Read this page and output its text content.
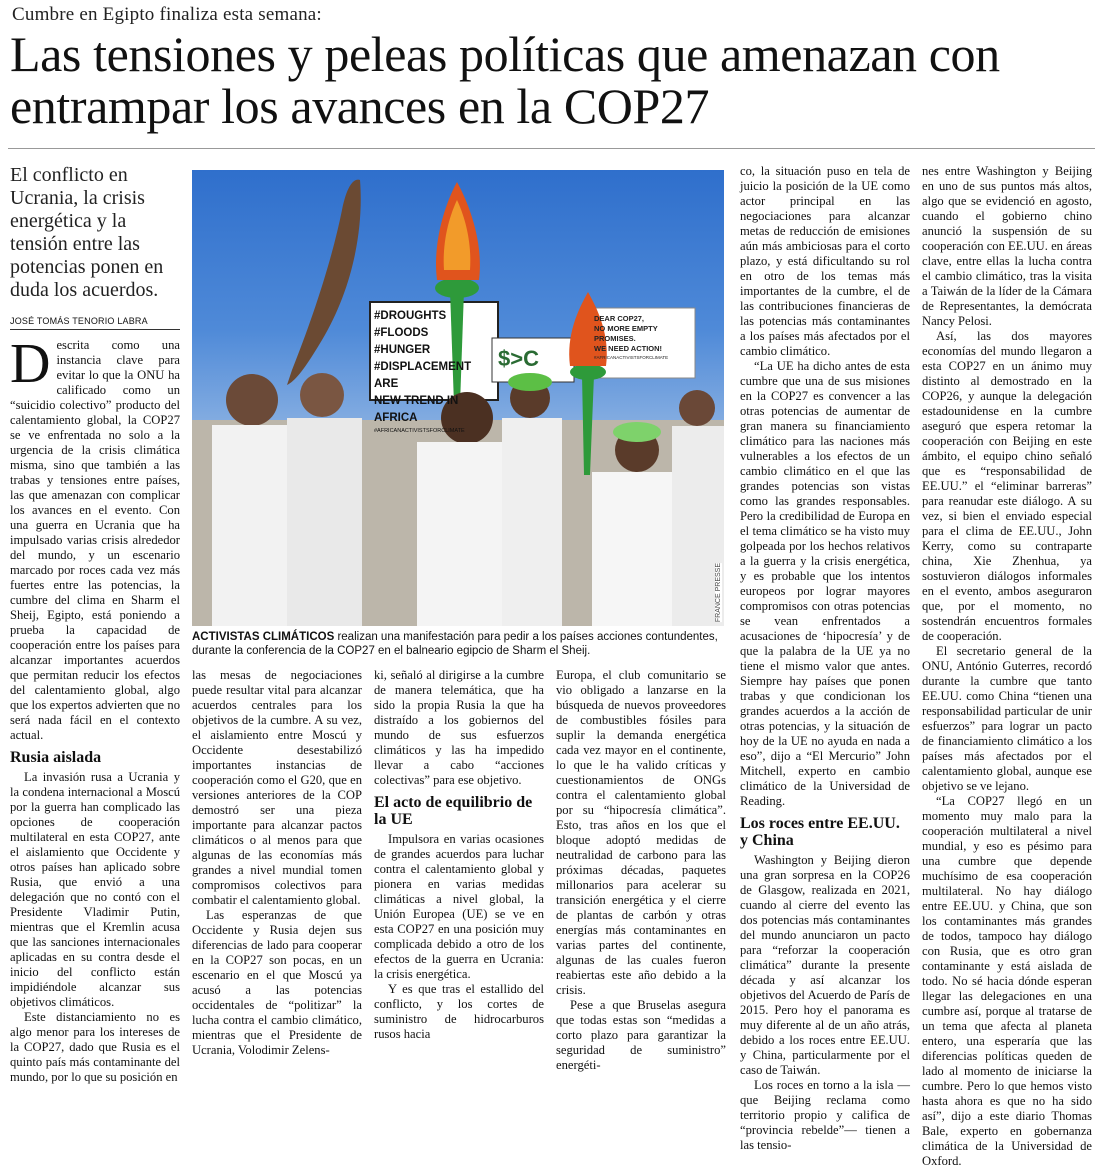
Cumbre en Egipto finaliza esta semana:
Las tensiones y peleas políticas que amenazan con entrampar los avances en la COP27
El conflicto en Ucrania, la crisis energética y la tensión entre las potencias ponen en duda los acuerdos.
JOSÉ TOMÁS TENORIO LABRA

Descrita como una instancia clave para evitar lo que la ONU ha calificado como un “suicidio colectivo” producto del calentamiento global, la COP27 se ve enfrentada no solo a la urgencia de la crisis climática misma, sino que también a las trabas y tensiones entre países, las que amenazan con complicar los avances en el evento. Con una guerra en Ucrania que ha impulsado varias crisis alrededor del mundo, y un escenario marcado por roces cada vez más fuertes entre las potencias, la cumbre del clima en Sharm el Sheij, Egipto, está poniendo a prueba la capacidad de cooperación entre los países para alcanzar importantes acuerdos que permitan reducir los efectos del calentamiento global, algo que los expertos advierten que no será nada fácil en el contexto actual.

Rusia aislada

La invasión rusa a Ucrania y la condena internacional a Moscú por la guerra han complicado las opciones de cooperación multilateral en esta COP27, ante el aislamiento que Occidente y otros países han aplicado sobre Rusia, que envió a una delegación que no contó con el Presidente Vladimir Putin, mientras que el Kremlin acusa que las sanciones internacionales aplicadas en su contra desde el inicio del conflicto están impidiéndole alcanzar sus objetivos climáticos.

Este distanciamiento no es algo menor para los intereses de la COP27, dado que Rusia es el quinto país más contaminante del mundo, por lo que su posición en

#DROUGHTS #FLOODS
#HUNGER
#DISPLACEMENT ARE
NEW TREND IN AFRICA
#AFRICANACTIVISTSFORCLIMATE
$>C
DEAR COP27,
NO MORE EMPTY
PROMISES.
WE NEED ACTION!
#AFRICANACTIVISTSFORCLIMATE
FRANCE PRESSE
ACTIVISTAS CLIMÁTICOS realizan una manifestación para pedir a los países acciones contundentes, durante la conferencia de la COP27 en el balneario egipcio de Sharm el Sheij.

las mesas de negociaciones puede resultar vital para alcanzar acuerdos centrales para los objetivos de la cumbre. A su vez, el aislamiento entre Moscú y Occidente desestabilizó importantes instancias de cooperación como el G20, que en versiones anteriores de la COP demostró ser una pieza importante para alcanzar pactos climáticos o al menos para que algunas de las economías más grandes a nivel mundial tomen compromisos colectivos para combatir el calentamiento global.

Las esperanzas de que Occidente y Rusia dejen sus diferencias de lado para cooperar en la COP27 son pocas, en un escenario en el que Moscú ya acusó a las potencias occidentales de “politizar” la lucha contra el cambio climático, mientras que el Presidente de Ucrania, Volodimir Zelens-

ki, señaló al dirigirse a la cumbre de manera telemática, que ha sido la propia Rusia la que ha distraído a los gobiernos del mundo de sus esfuerzos climáticos y las ha impedido llevar a cabo “acciones colectivas” para ese objetivo.

El acto de equilibrio de la UE

Impulsora en varias ocasiones de grandes acuerdos para luchar contra el calentamiento global y pionera en varias medidas climáticas a nivel global, la Unión Europea (UE) se ve en esta COP27 en una posición muy complicada debido a otro de los efectos de la guerra en Ucrania: la crisis energética.

Y es que tras el estallido del conflicto, y los cortes de suministro de hidrocarburos rusos hacia

Europa, el club comunitario se vio obligado a lanzarse en la búsqueda de nuevos proveedores de combustibles fósiles para suplir la demanda energética cada vez mayor en el continente, lo que le ha valido críticas y cuestionamientos de ONGs contra el calentamiento global por su “hipocresía climática”. Esto, tras años en los que el bloque adoptó medidas de neutralidad de carbono para las próximas décadas, paquetes millonarios para acelerar su transición energética y el cierre de plantas de carbón y otras energías más contaminantes en varias partes del continente, algunas de las cuales fueron reabiertas este año debido a la crisis.

Pese a que Bruselas asegura que todas estas son “medidas a corto plazo para garantizar la seguridad de suministro” energéti-

co, la situación puso en tela de juicio la posición de la UE como actor principal en las negociaciones para alcanzar metas de reducción de emisiones aún más ambiciosas para el corto plazo, y está dificultando su rol en otro de los temas más importantes de la cumbre, el de las contribuciones financieras de las potencias más contaminantes a los países más afectados por el cambio climático.

“La UE ha dicho antes de esta cumbre que una de sus misiones en la COP27 es convencer a las otras potencias de aumentar de gran manera su financiamiento climático para las naciones más vulnerables a los efectos de un cambio climático en el que las grandes potencias son vistas como las grandes responsables. Pero la credibilidad de Europa en el tema climático se ha visto muy golpeada por los hechos relativos a la guerra y la crisis energética, y es probable que los intentos europeos por lograr mayores compromisos con otras potencias se vean enfrentados a acusaciones de ‘hipocresía’ y de que la palabra de la UE ya no tiene el mismo valor que antes. Siempre hay países que ponen trabas y que condicionan los grandes acuerdos a la acción de otras potencias, y la situación de hoy de la UE no ayuda en nada a eso”, dijo a “El Mercurio” John Mitchell, experto en cambio climático de la Universidad de Reading.

Los roces entre EE.UU. y China

Washington y Beijing dieron una gran sorpresa en la COP26 de Glasgow, realizada en 2021, cuando al cierre del evento las dos potencias más contaminantes del mundo anunciaron un pacto para “reforzar la cooperación climática” durante la presente década y así alcanzar los objetivos del Acuerdo de París de 2015. Pero hoy el panorama es muy diferente al de un año atrás, debido a los roces entre EE.UU. y China, particularmente por el caso de Taiwán.

Los roces en torno a la isla —que Beijing reclama como territorio propio y califica de “provincia rebelde”— tienen a las tensio-

nes entre Washington y Beijing en uno de sus puntos más altos, algo que se evidenció en agosto, cuando el gobierno chino anunció la suspensión de su cooperación con EE.UU. en áreas clave, entre ellas la lucha contra el cambio climático, tras la visita a Taiwán de la líder de la Cámara de Representantes, la demócrata Nancy Pelosi.

Así, las dos mayores economías del mundo llegaron a esta COP27 en un ánimo muy distinto al demostrado en la COP26, y aunque la delegación estadounidense en la cumbre aseguró que espera retomar la cooperación con Beijing en este ámbito, el equipo chino señaló que es “responsabilidad de EE.UU.” el “eliminar barreras” para reanudar este diálogo. A su vez, si bien el enviado especial para el clima de EE.UU., John Kerry, como su contraparte china, Xie Zhenhua, ya sostuvieron diálogos informales en el evento, ambos aseguraron que, por el momento, no sostendrán encuentros formales de cooperación.

El secretario general de la ONU, António Guterres, recordó durante la cumbre que tanto EE.UU. como China “tienen una responsabilidad particular de unir esfuerzos” para lograr un pacto de financiamiento climático a los países más afectados por el calentamiento global, aunque ese objetivo se ve lejano.

“La COP27 llegó en un momento muy malo para la cooperación multilateral a nivel mundial, y eso es pésimo para una cumbre que depende muchísimo de esa cooperación multilateral. No hay diálogo entre EE.UU. y China, que son los contaminantes más grandes de todos, tampoco hay diálogo con Rusia, que es otro gran contaminante y está aislada de todo. No sé hacia dónde esperan llegar las delegaciones en una cumbre así, porque al tratarse de un tema que afecta al planeta entero, una esperaría que las diferencias políticas queden de lado al momento de iniciarse la cumbre. Pero lo que hemos visto hasta ahora es que no ha sido así”, dijo a este diario Thomas Bale, experto en gobernanza climática de la Universidad de Oxford.
